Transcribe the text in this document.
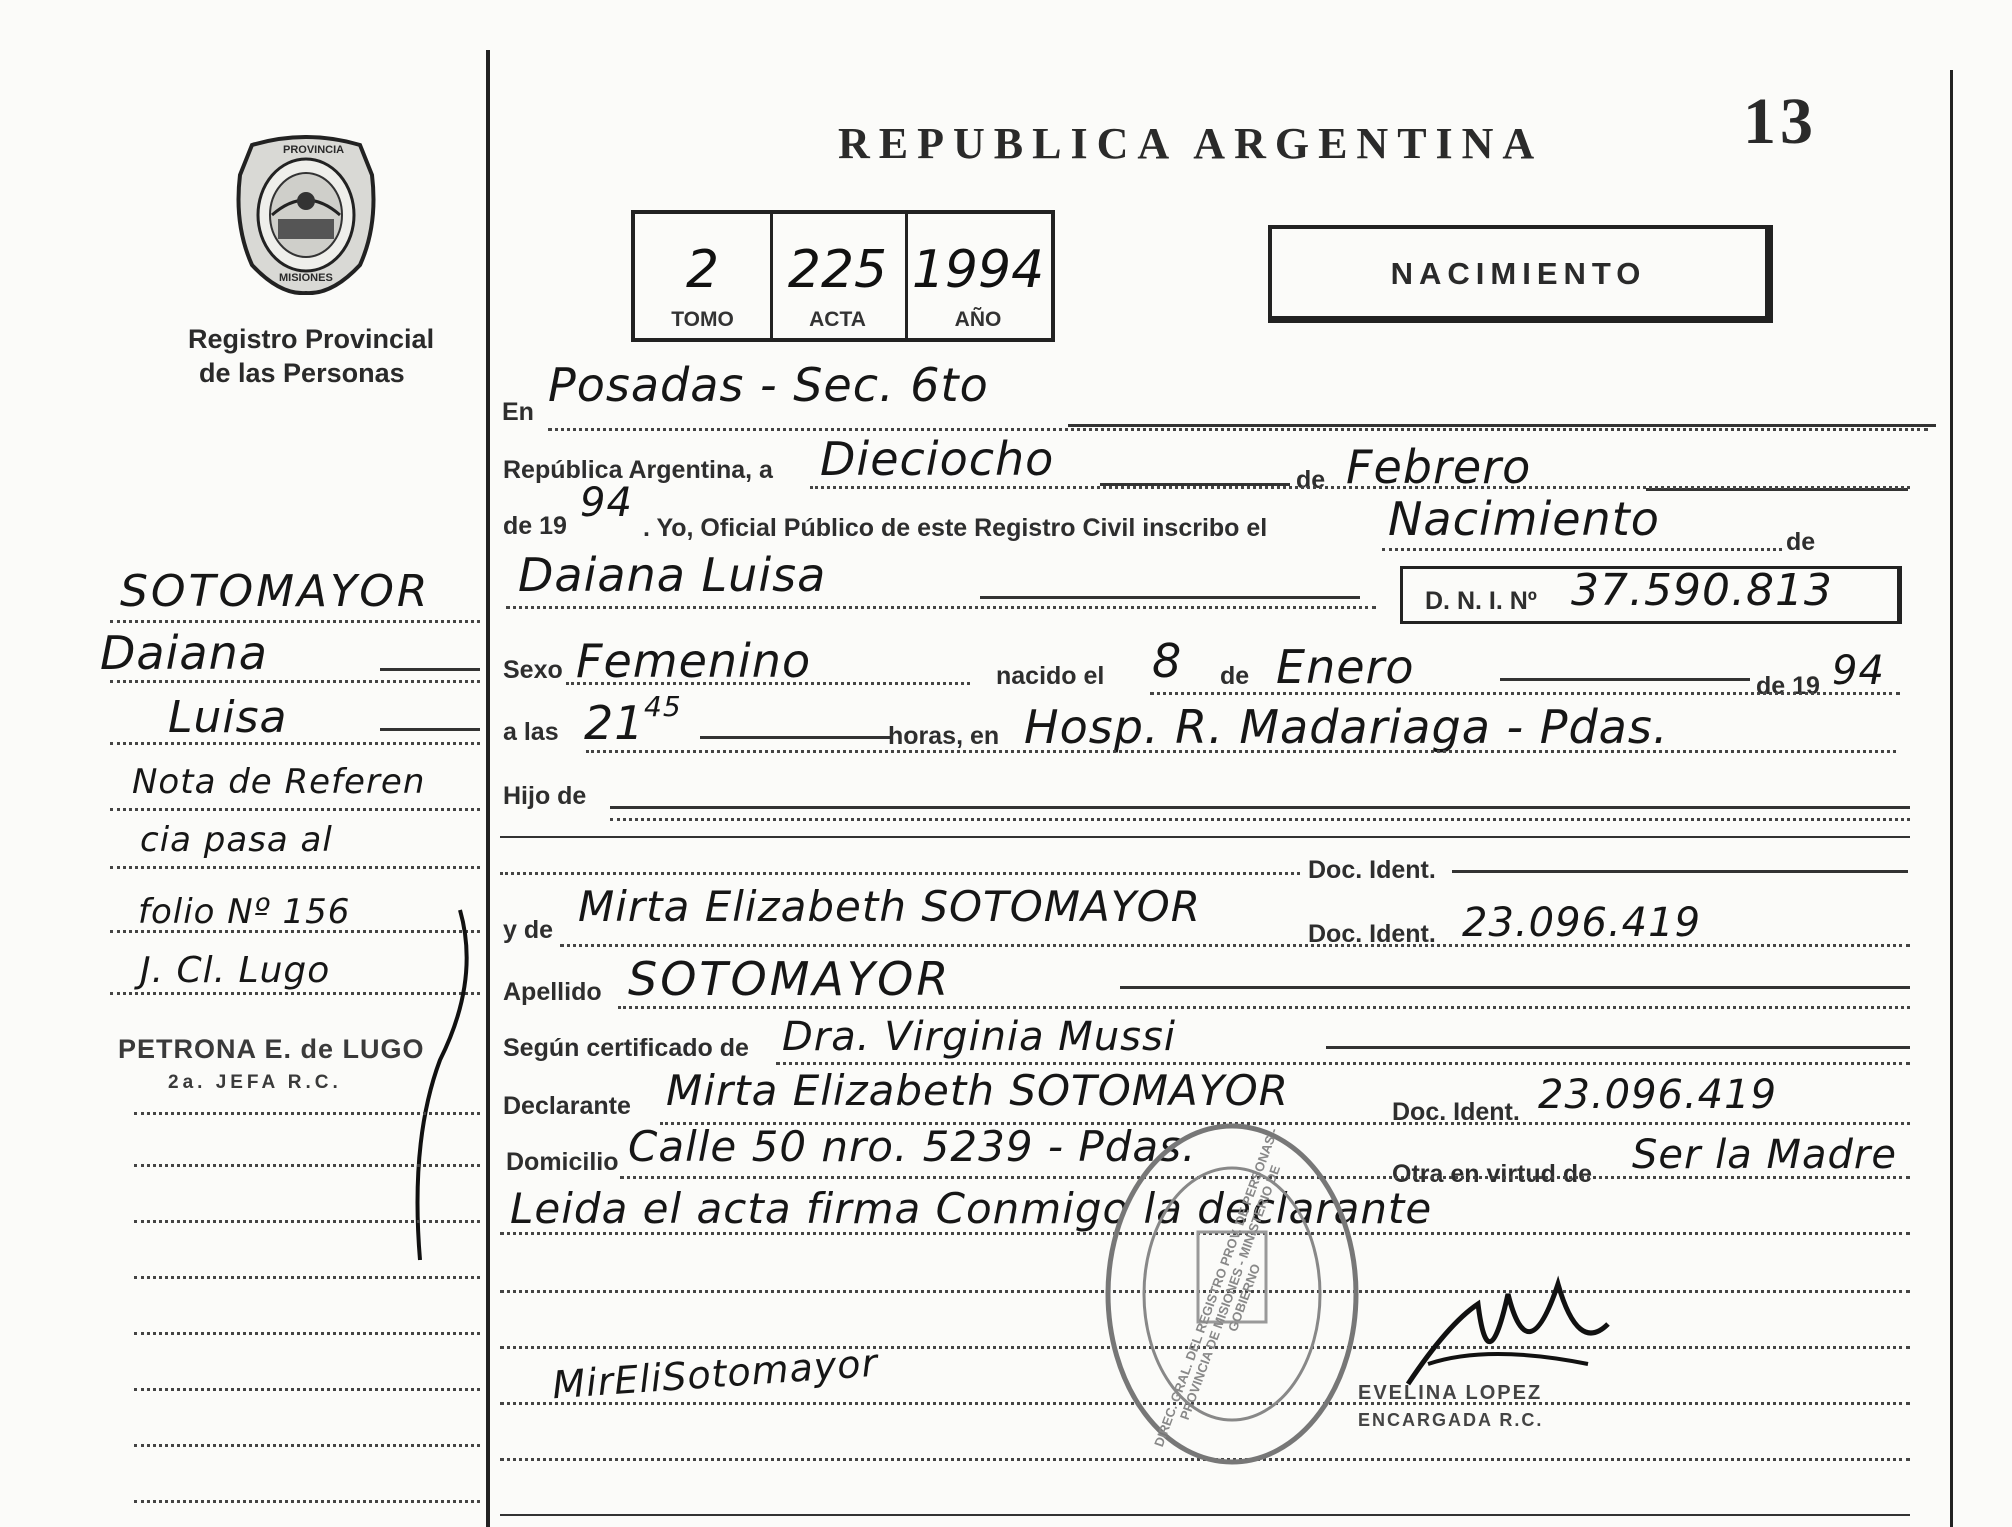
REPUBLICA ARGENTINA	13
PROVINCIA
MISIONES
Registro Provincial
de las Personas
2
TOMO
225
ACTA
1994
AÑO
NACIMIENTO
En Posadas - Sec. 6to
República Argentina, a Dieciocho	de Febrero
de 19 94
. Yo, Oficial Público de este Registro Civil inscribo el	Nacimiento	de
Daiana Luisa	D. N. I. Nº 37.590.813
Sexo Femenino	nacido el 8 de Enero	de 19 94
a las 21 45
horas, en Hosp. R. Madariaga - Pdas.
Hijo de
Doc. Ident.
y de Mirta Elizabeth SOTOMAYOR
Doc. Ident. 23.096.419
Apellido SOTOMAYOR
Según certificado de Dra. Virginia Mussi
Declarante Mirta Elizabeth SOTOMAYOR	Doc. Ident. 23.096.419
Domicilio Calle 50 nro. 5239 - Pdas.
Otra en virtud de Ser la Madre
Leida el acta firma Conmigo la declarante
MirEliSotomayor	DIREC. GRAL. DEL REGISTRO PROV. DE PERSONAS - PROVINCIA DE MISIONES - MINISTERIO DE GOBIERNO
EVELINA LOPEZ
ENCARGADA R.C.
SOTOMAYOR
Daiana
Luisa
Nota de Referen
cia pasa al
folio Nº 156
J. Cl. Lugo
PETRONA E. de LUGO
2a. JEFA R.C.
